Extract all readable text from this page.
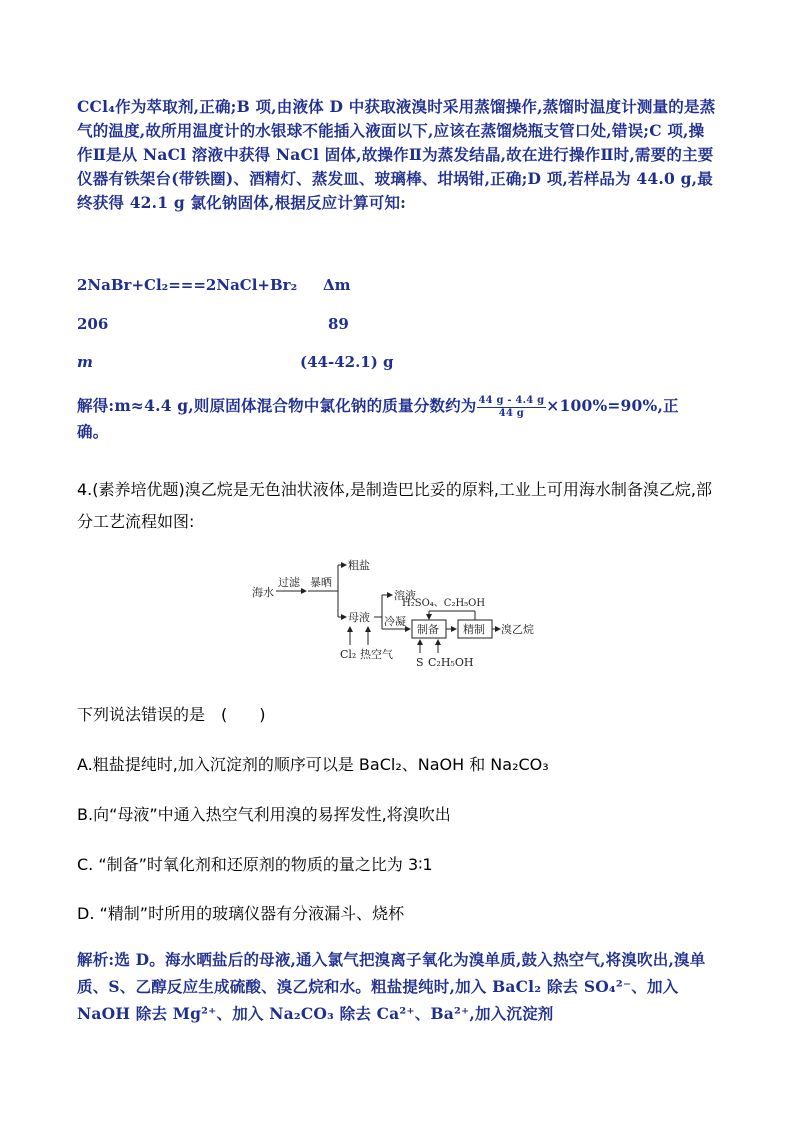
CCl₄作为萃取剂,正确;B 项,由液体 D 中获取液溴时采用蒸馏操作,蒸馏时温度计测量的是蒸气的温度,故所用温度计的水银球不能插入液面以下,应该在蒸馏烧瓶支管口处,错误;C 项,操作Ⅱ是从 NaCl 溶液中获得 NaCl 固体,故操作Ⅱ为蒸发结晶,故在进行操作Ⅱ时,需要的主要仪器有铁架台(带铁圈)、酒精灯、蒸发皿、玻璃棒、坩埚钳,正确;D 项,若样品为 44.0 g,最终获得 42.1 g 氯化钠固体,根据反应计算可知:

2NaBr+Cl₂===2NaCl+Br₂ Δm
206	89
m	(44-42.1) g

解得:m≈4.4 g,则原固体混合物中氯化钠的质量分数约为 $\frac{44 g - 4.4 g}{44 g} \times 100\%=90\%$,正
确。

4.(素养培优题)溴乙烷是无色油状液体,是制造巴比妥的原料,工业上可用海水制备溴乙烷,部分工艺流程如图:

海水
过滤 暴晒
粗盐
母液
溶液
冷凝
制备 精制 溴乙烷
H₂SO₄、C₂H₅OH
Cl₂ 热空气
S C₂H₅OH
下列说法错误的是　(　　)
A.粗盐提纯时,加入沉淀剂的顺序可以是 BaCl₂、NaOH 和 Na₂CO₃
B.向“母液”中通入热空气利用溴的易挥发性,将溴吹出
C. “制备”时氧化剂和还原剂的物质的量之比为 3∶1
D. “精制”时所用的玻璃仪器有分液漏斗、烧杯

解析:选 D。海水晒盐后的母液,通入氯气把溴离子氧化为溴单质,鼓入热空气,将溴吹出,溴单质、S、乙醇反应生成硫酸、溴乙烷和水。粗盐提纯时,加入 BaCl₂ 除去 SO₄²⁻、加入 NaOH 除去 Mg²⁺、加入 Na₂CO₃ 除去 Ca²⁺、Ba²⁺,加入沉淀剂
